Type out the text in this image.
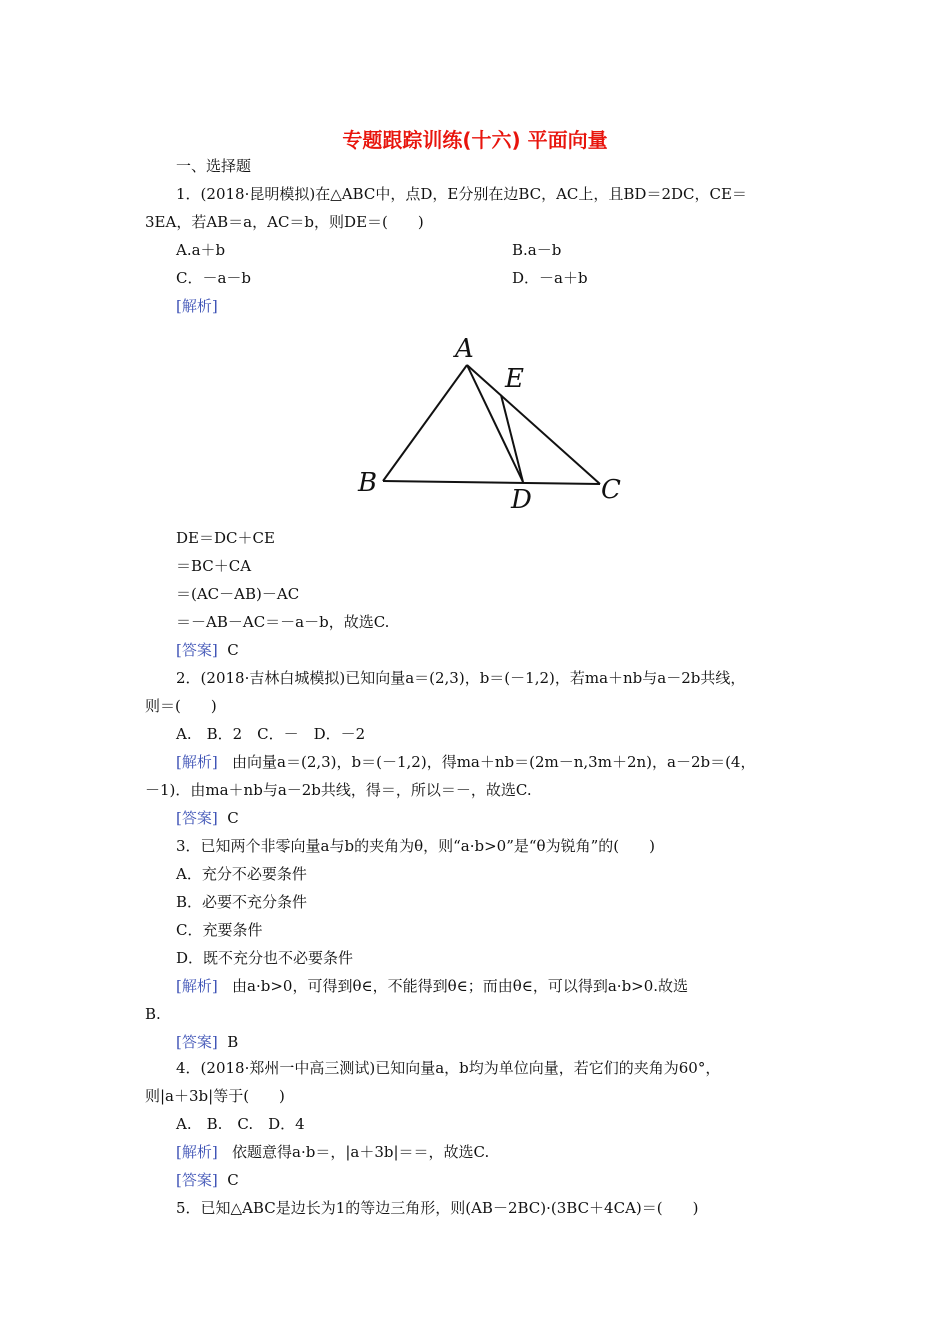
专题跟踪训练(十六) 平面向量
一、选择题
1．(2018·昆明模拟)在△ABC中，点D，E分别在边BC，AC上，且BD＝2DC，CE＝
3EA，若AB＝a，AC＝b，则DE＝(　　)
A.a＋b	B.a－b
C．－a－b	D．－a＋b
[解析]
A
E
B
D	C
DE＝DC＋CE
＝BC＋CA
＝(AC－AB)－AC
＝－AB－AC＝－a－b，故选C.
[答案] C
2．(2018·吉林白城模拟)已知向量a＝(2,3)，b＝(－1,2)，若ma＋nb与a－2b共线，
则＝(　　)
A.　B．2　C．－　D．－2
[解析] 由向量a＝(2,3)，b＝(－1,2)，得ma＋nb＝(2m－n,3m＋2n)，a－2b＝(4，
－1)．由ma＋nb与a－2b共线，得＝，所以＝－，故选C.
[答案] C
3．已知两个非零向量a与b的夹角为θ，则“a·b>0”是“θ为锐角”的(　　)
A．充分不必要条件
B．必要不充分条件
C．充要条件
D．既不充分也不必要条件
[解析] 由a·b>0，可得到θ∈，不能得到θ∈；而由θ∈，可以得到a·b>0.故选
B.
[答案] B
4．(2018·郑州一中高三测试)已知向量a，b均为单位向量，若它们的夹角为60°，
则|a＋3b|等于(　　)
A.　B.　C.　D．4
[解析] 依题意得a·b＝，|a＋3b|＝＝，故选C.
[答案] C
5．已知△ABC是边长为1的等边三角形，则(AB－2BC)·(3BC＋4CA)＝(　　)
